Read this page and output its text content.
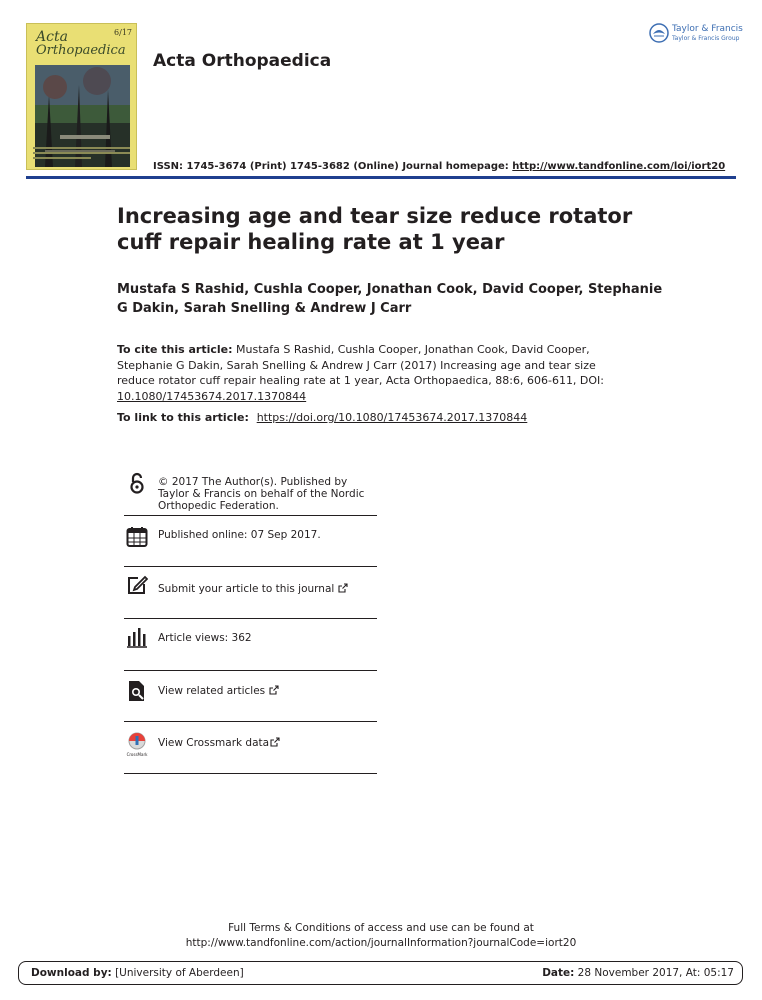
6/17
Acta
Orthopaedica
Acta Orthopaedica
ISSN: 1745-3674 (Print) 1745-3682 (Online) Journal homepage: http://www.tandfonline.com/loi/iort20
Taylor & Francis
Taylor & Francis Group
Increasing age and tear size reduce rotator cuff repair healing rate at 1 year
Mustafa S Rashid, Cushla Cooper, Jonathan Cook, David Cooper, Stephanie G Dakin, Sarah Snelling & Andrew J Carr
To cite this article: Mustafa S Rashid, Cushla Cooper, Jonathan Cook, David Cooper, Stephanie G Dakin, Sarah Snelling & Andrew J Carr (2017) Increasing age and tear size reduce rotator cuff repair healing rate at 1 year, Acta Orthopaedica, 88:6, 606-611, DOI: 10.1080/17453674.2017.1370844
To link to this article: https://doi.org/10.1080/17453674.2017.1370844
© 2017 The Author(s). Published by Taylor & Francis on behalf of the Nordic Orthopedic Federation.
Published online: 07 Sep 2017.
Submit your article to this journal
Article views: 362
View related articles
CrossMark
View Crossmark data
Full Terms & Conditions of access and use can be found at
http://www.tandfonline.com/action/journalInformation?journalCode=iort20
Download by: [University of Aberdeen]	Date: 28 November 2017, At: 05:17
